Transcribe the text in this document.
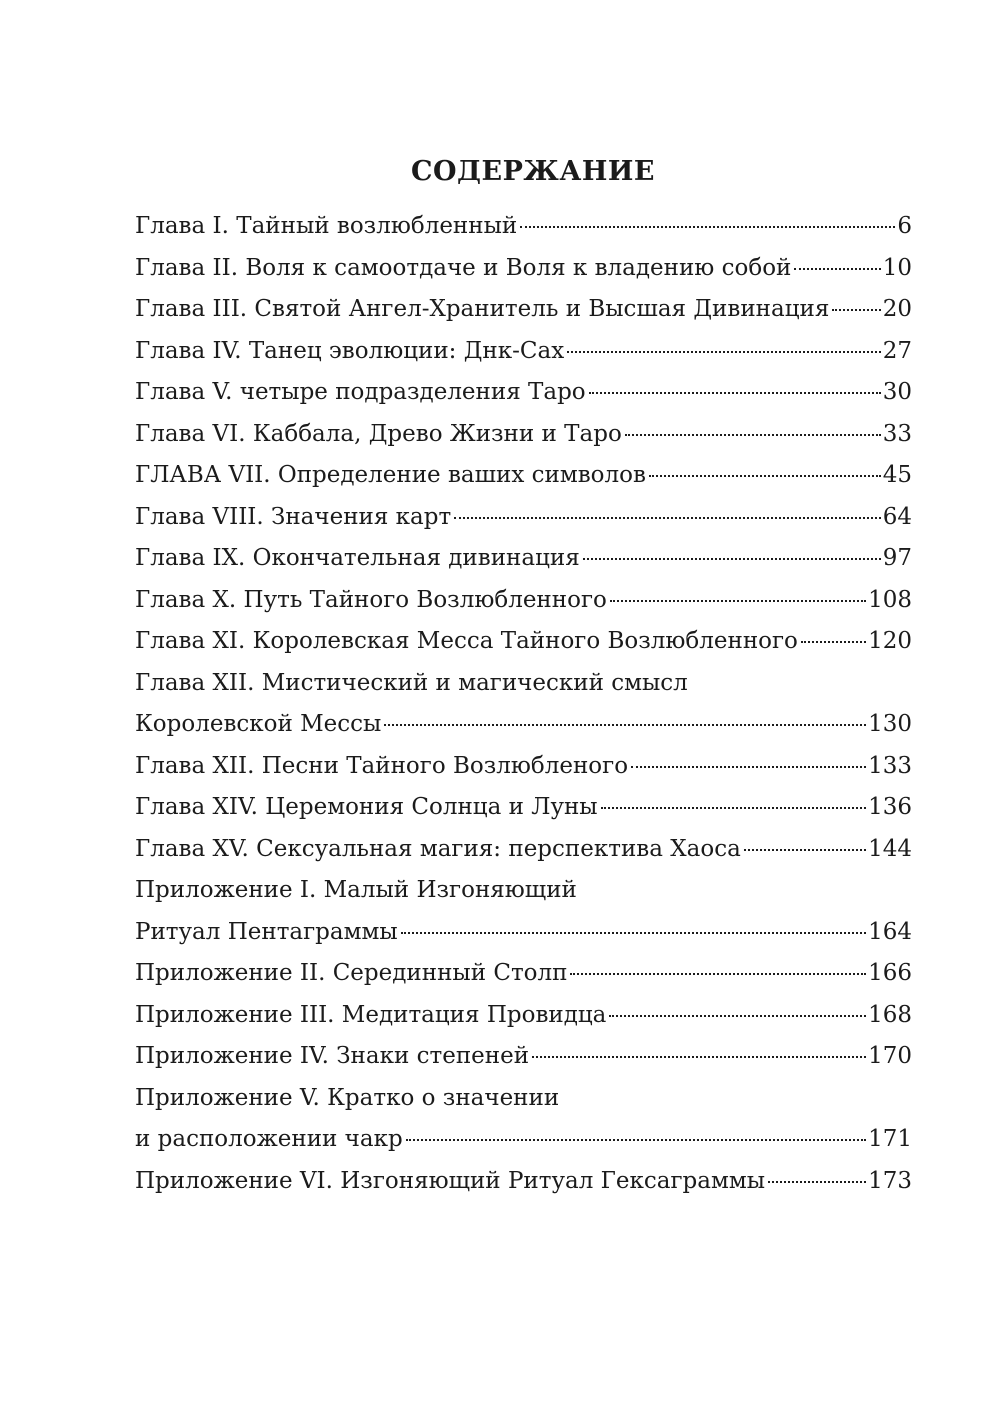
СОДЕРЖАНИЕ
Глава I. Тайный возлюбленный	6
Глава II. Воля к самоотдаче и Воля к владению собой	10
Глава III. Святой Ангел-Хранитель и Высшая Дивинация 20
Глава IV. Танец эволюции: Днк-Сах	27
Глава V. четыре подразделения Таро	30
Глава VI. Каббала, Древо Жизни и Таро	33
ГЛАВА VII. Определение ваших символов	45
Глава VIII. Значения карт	64
Глава IX. Окончательная дивинация	97
Глава X. Путь Тайного Возлюбленного	108
Глава XI. Королевская Месса Тайного Возлюбленного	120
Глава XII. Мистический и магический смысл
Королевской Мессы	130
Глава XII. Песни Тайного Возлюбленого	133
Глава XIV. Церемония Солнца и Луны	136
Глава XV. Сексуальная магия: перспектива Хаоса	144
Приложение I. Малый Изгоняющий
Ритуал Пентаграммы	164
Приложение II. Серединный Столп	166
Приложение III. Медитация Провидца	168
Приложение IV. Знаки степеней	170
Приложение V. Кратко о значении
и расположении чакр	171
Приложение VI. Изгоняющий Ритуал Гексаграммы	173
